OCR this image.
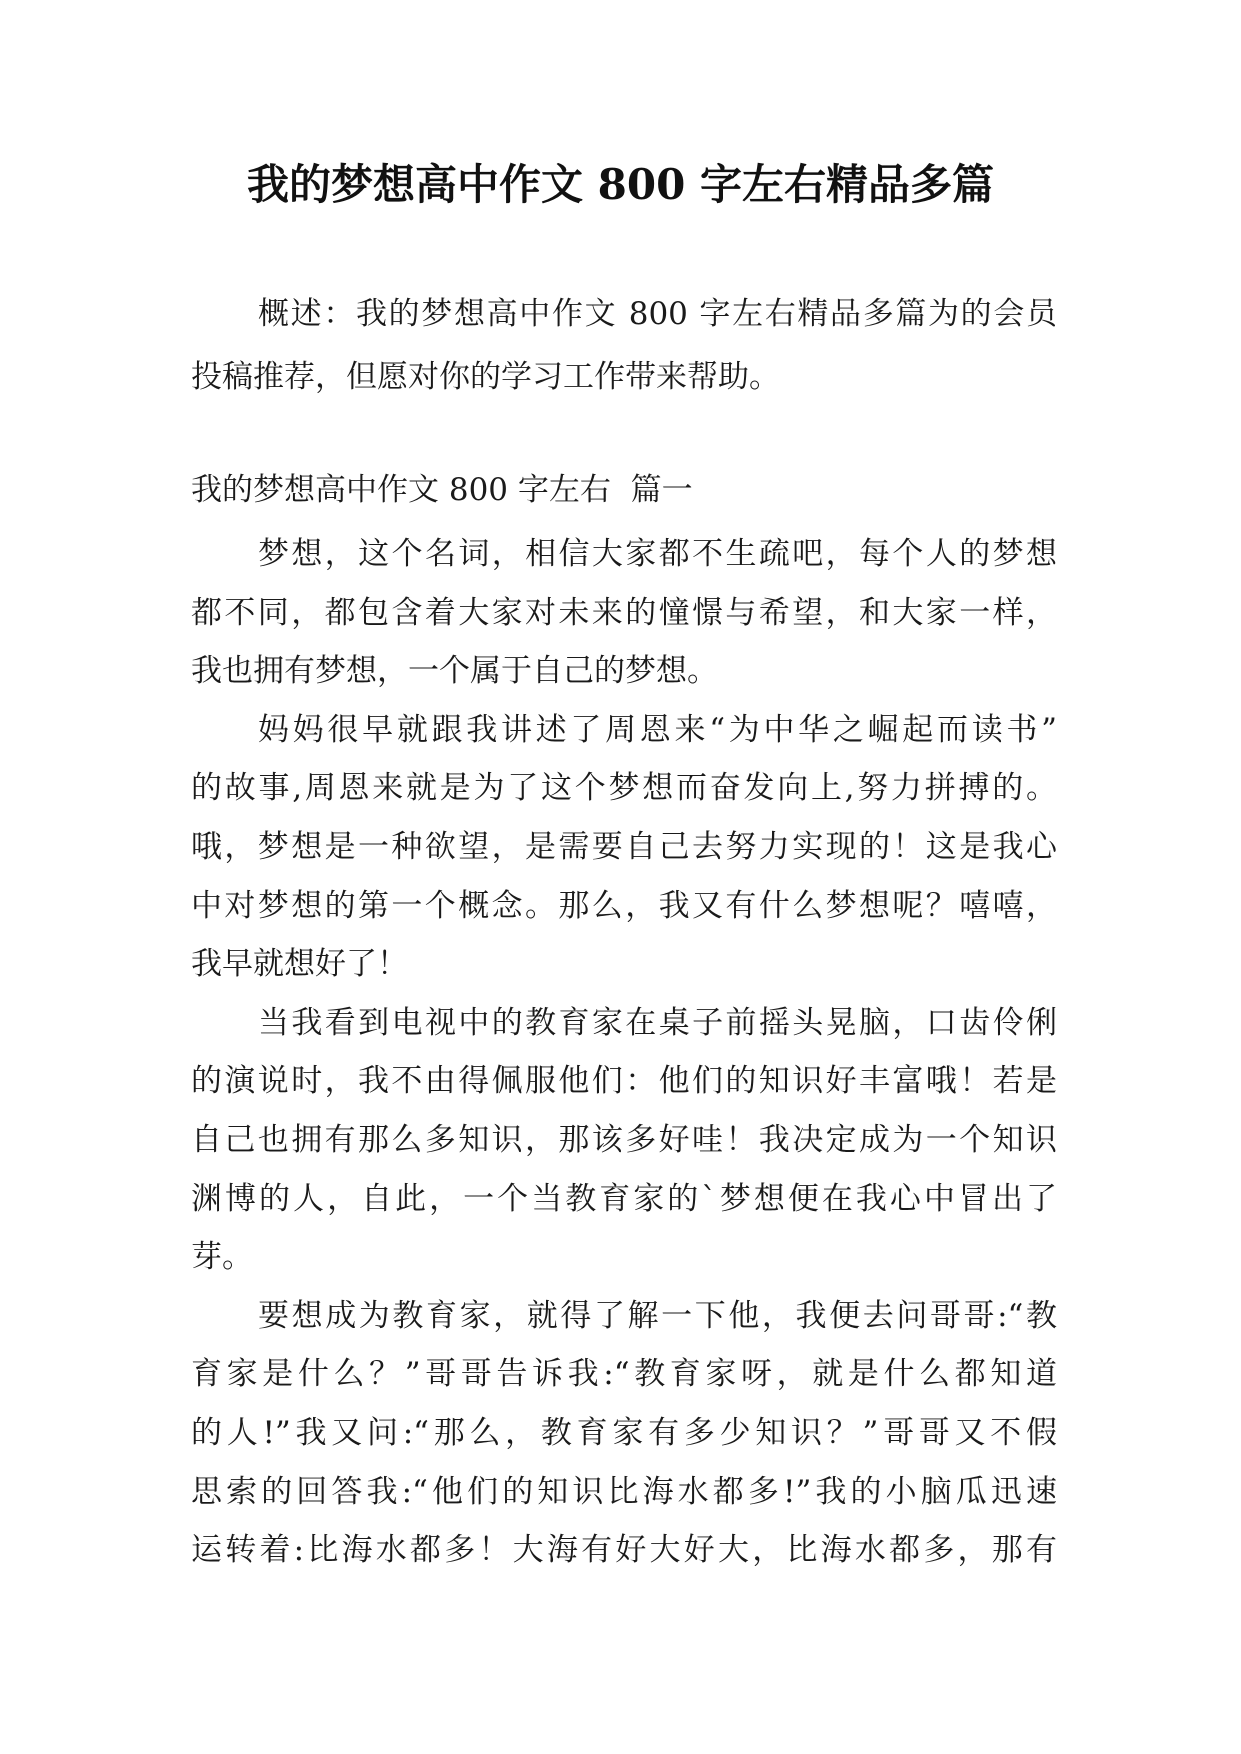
我的梦想高中作文 800 字左右精品多篇
概述：我的梦想高中作文 800 字左右精品多篇为的会员
投稿推荐，但愿对你的学习工作带来帮助。
我的梦想高中作文 800 字左右  篇一
梦想，这个名词，相信大家都不生疏吧，每个人的梦想
都不同，都包含着大家对未来的憧憬与希望，和大家一样，
我也拥有梦想，一个属于自己的梦想。
妈妈很早就跟我讲述了周恩来“为中华之崛起而读书”
的故事,周恩来就是为了这个梦想而奋发向上,努力拼搏的。
哦，梦想是一种欲望，是需要自己去努力实现的！这是我心
中对梦想的第一个概念。那么，我又有什么梦想呢？嘻嘻，
我早就想好了！
当我看到电视中的教育家在桌子前摇头晃脑，口齿伶俐
的演说时，我不由得佩服他们：他们的知识好丰富哦！若是
自己也拥有那么多知识，那该多好哇！我决定成为一个知识
渊博的人，自此，一个当教育家的`梦想便在我心中冒出了
芽。
要想成为教育家，就得了解一下他，我便去问哥哥:“教
育家是什么？”哥哥告诉我:“教育家呀，就是什么都知道
的人!”我又问:“那么，教育家有多少知识？”哥哥又不假
思索的回答我:“他们的知识比海水都多!”我的小脑瓜迅速
运转着:比海水都多！大海有好大好大，比海水都多，那有
